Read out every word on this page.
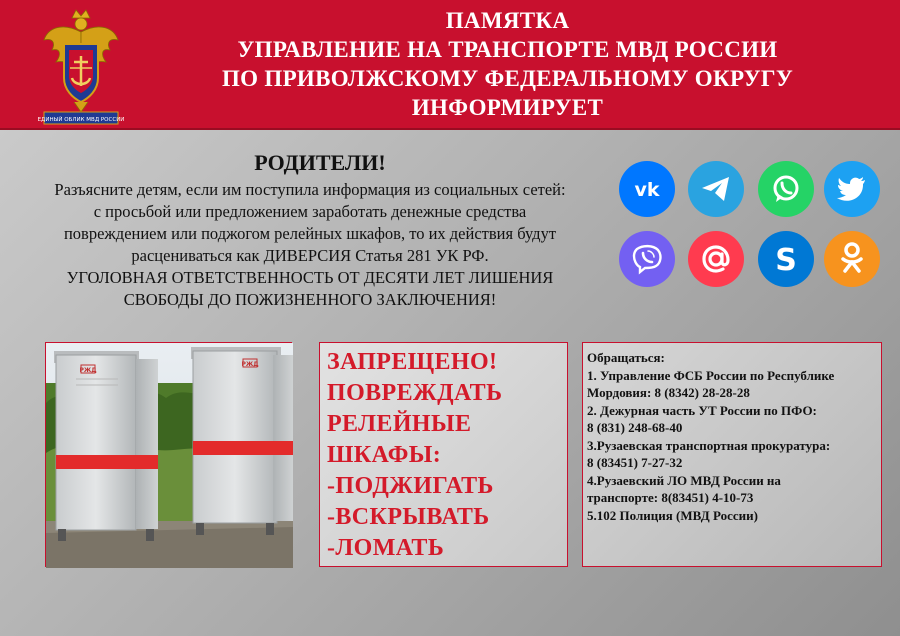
ЕДИНЫЙ ОБЛИК МВД РОССИИ
ПАМЯТКА
УПРАВЛЕНИЕ НА ТРАНСПОРТЕ МВД РОССИИ
ПО ПРИВОЛЖСКОМУ ФЕДЕРАЛЬНОМУ ОКРУГУ
ИНФОРМИРУЕТ
РОДИТЕЛИ!
Разъясните детям, если им поступила информация из социальных сетей:
с просьбой или предложением заработать денежные средства
повреждением или поджогом релейных шкафов, то их действия будут
расцениваться как ДИВЕРСИЯ Статья 281 УК РФ.
УГОЛОВНАЯ ОТВЕТСТВЕННОСТЬ ОТ ДЕСЯТИ ЛЕТ ЛИШЕНИЯ
СВОБОДЫ ДО ПОЖИЗНЕННОГО ЗАКЛЮЧЕНИЯ!
vk
S
РЖД
РЖД	ЗАПРЕЩЕНО!
ПОВРЕЖДАТЬ
РЕЛЕЙНЫЕ
ШКАФЫ:
-ПОДЖИГАТЬ
-ВСКРЫВАТЬ
-ЛОМАТЬ
Обращаться:
1. Управление ФСБ России по Республике
Мордовия: 8 (8342) 28-28-28
2. Дежурная часть УТ России по ПФО:
8 (831) 248-68-40
3.Рузаевская транспортная прокуратура:
8 (83451) 7-27-32
4.Рузаевский ЛО МВД России на
транспорте: 8(83451) 4-10-73
5.102 Полиция (МВД России)
